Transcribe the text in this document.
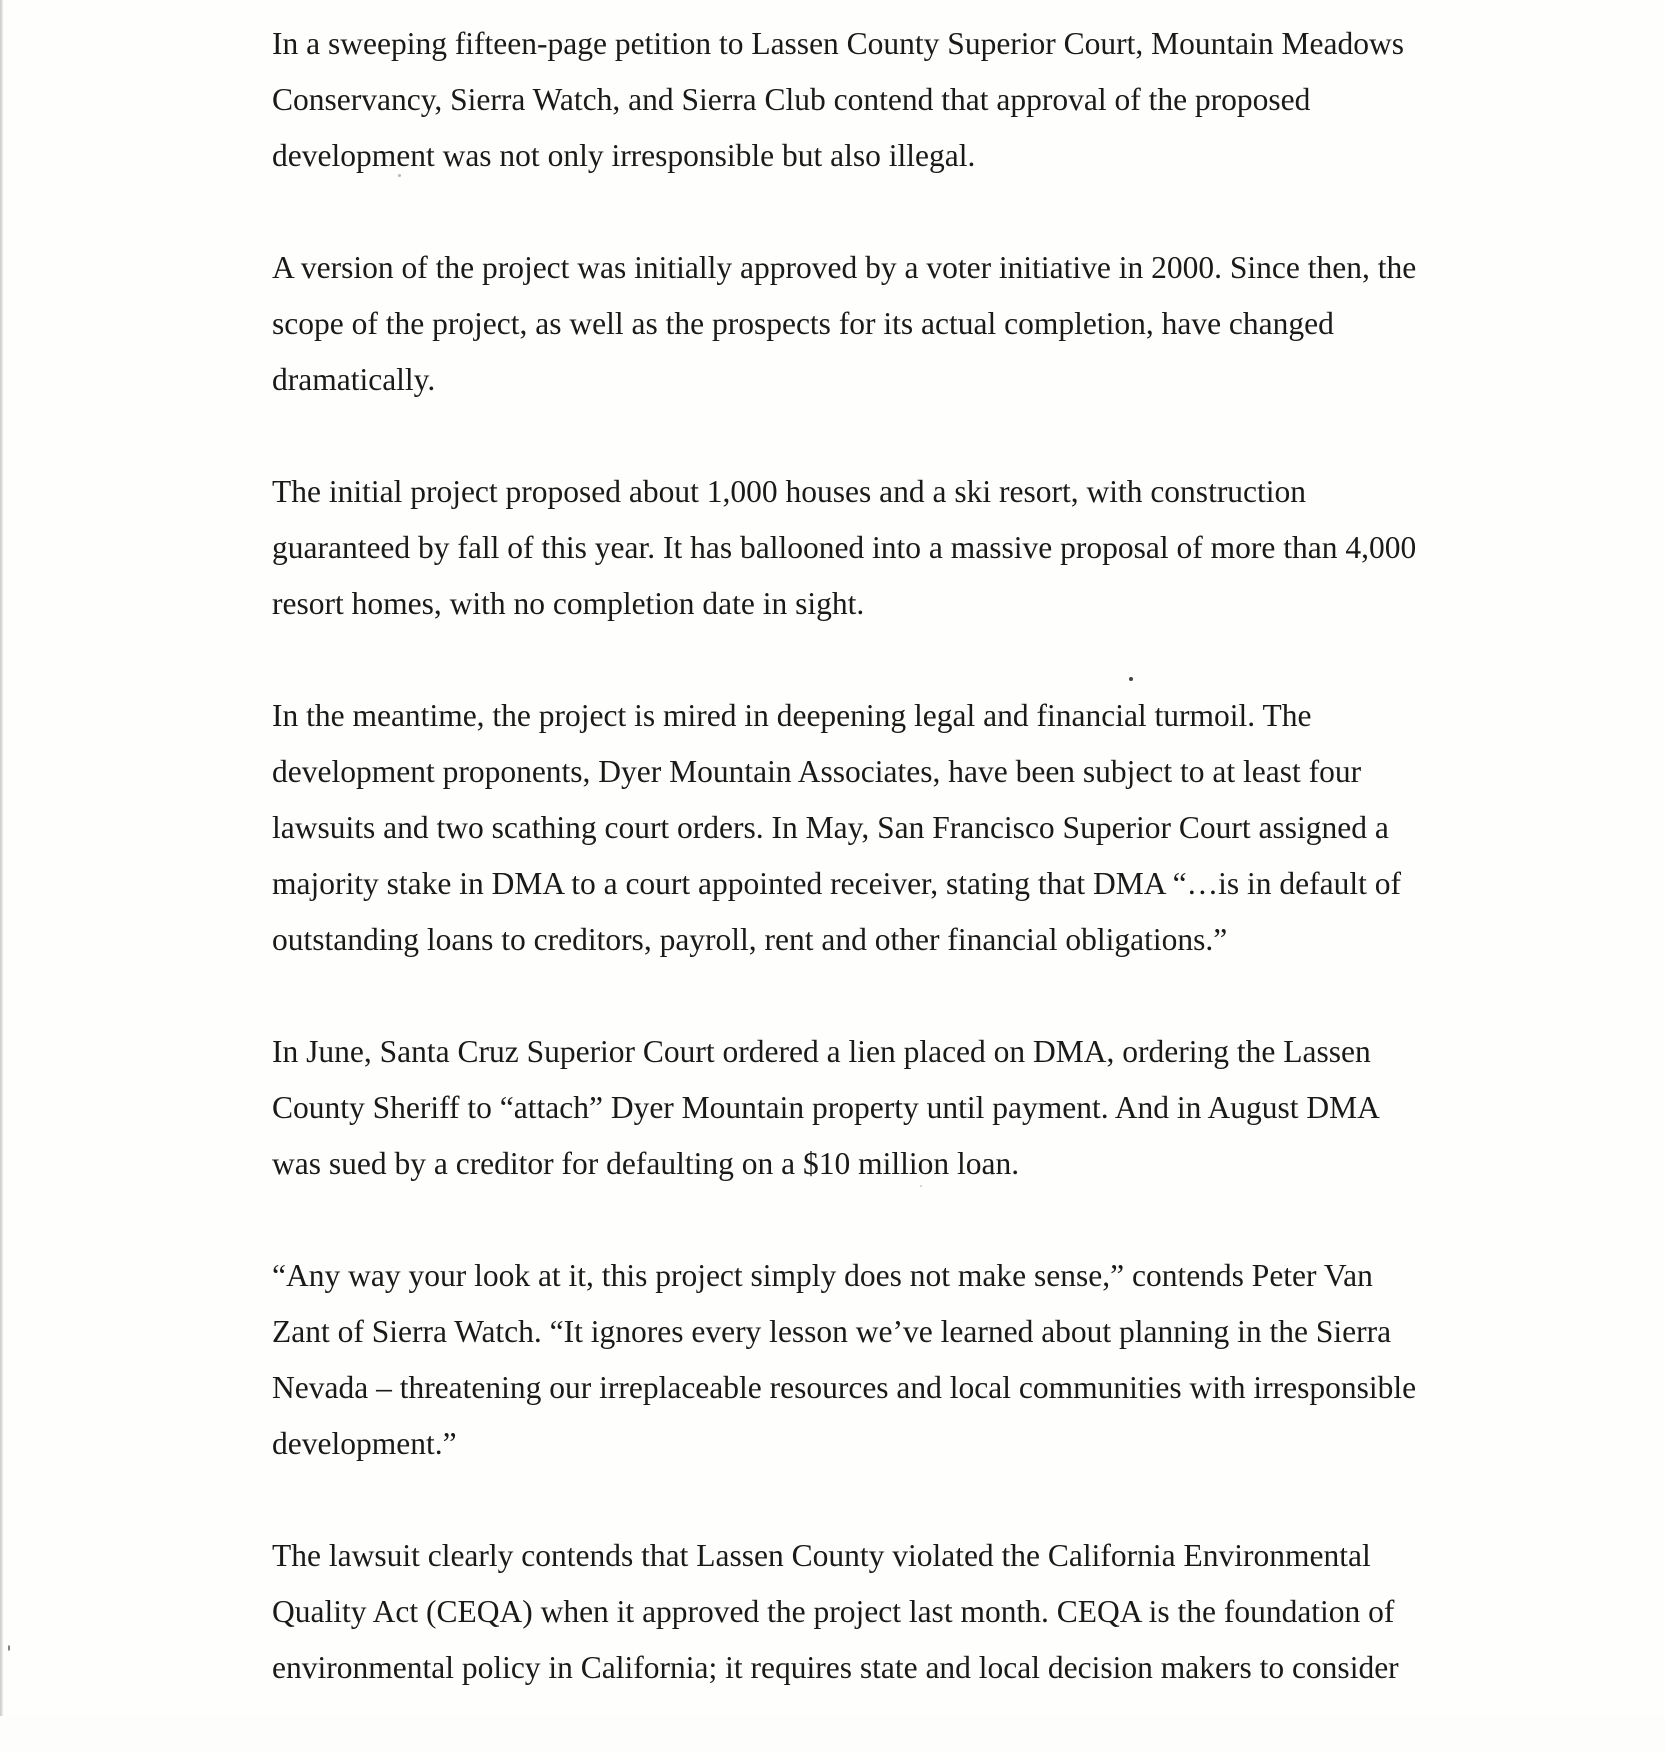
In a sweeping fifteen-page petition to Lassen County Superior Court, Mountain Meadows
Conservancy, Sierra Watch, and Sierra Club contend that approval of the proposed
development was not only irresponsible but also illegal.
A version of the project was initially approved by a voter initiative in 2000. Since then, the
scope of the project, as well as the prospects for its actual completion, have changed
dramatically.
The initial project proposed about 1,000 houses and a ski resort, with construction
guaranteed by fall of this year. It has ballooned into a massive proposal of more than 4,000
resort homes, with no completion date in sight.
In the meantime, the project is mired in deepening legal and financial turmoil. The
development proponents, Dyer Mountain Associates, have been subject to at least four
lawsuits and two scathing court orders. In May, San Francisco Superior Court assigned a
majority stake in DMA to a court appointed receiver, stating that DMA “…is in default of
outstanding loans to creditors, payroll, rent and other financial obligations.”
In June, Santa Cruz Superior Court ordered a lien placed on DMA, ordering the Lassen
County Sheriff to “attach” Dyer Mountain property until payment. And in August DMA
was sued by a creditor for defaulting on a $10 million loan.
“Any way your look at it, this project simply does not make sense,” contends Peter Van
Zant of Sierra Watch. “It ignores every lesson we’ve learned about planning in the Sierra
Nevada – threatening our irreplaceable resources and local communities with irresponsible
development.”
The lawsuit clearly contends that Lassen County violated the California Environmental
Quality Act (CEQA) when it approved the project last month. CEQA is the foundation of
environmental policy in California; it requires state and local decision makers to consider
